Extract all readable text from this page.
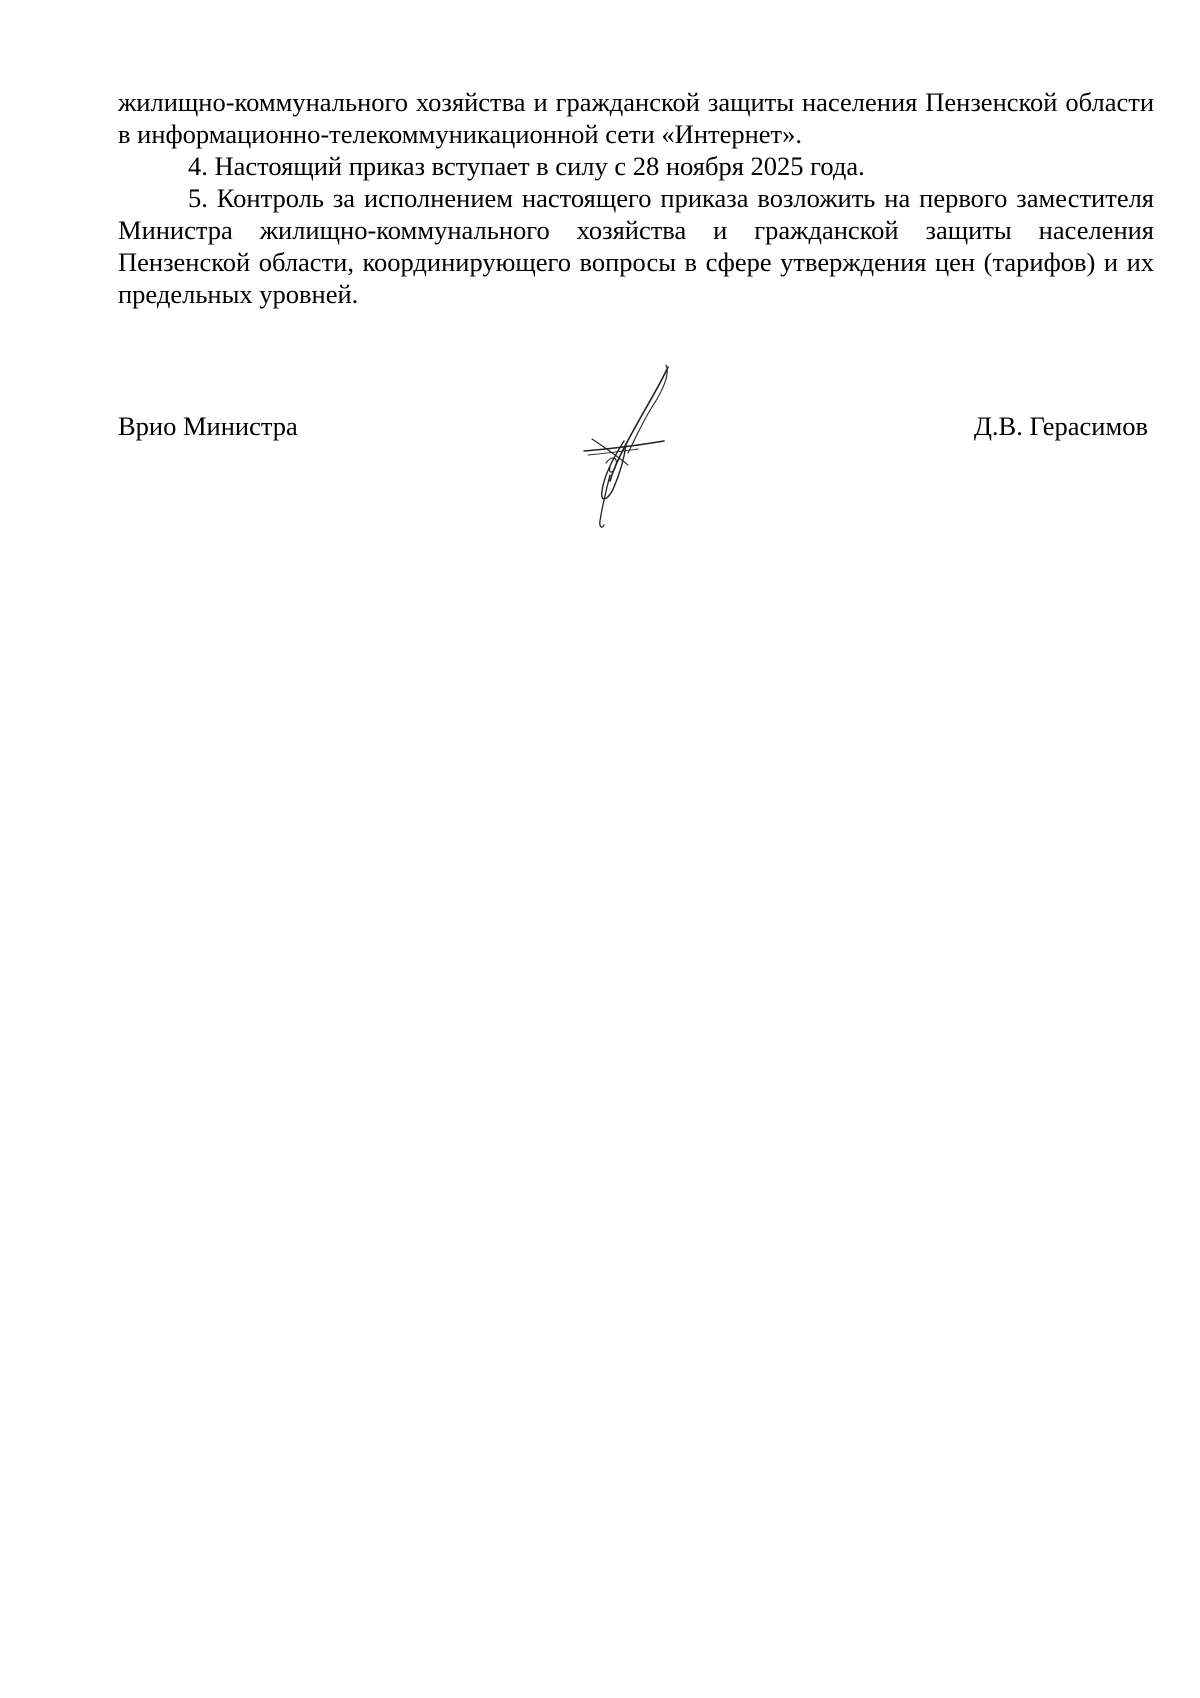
жилищно-коммунального хозяйства и гражданской защиты населения Пензенской области в информационно-телекоммуникационной сети «Интернет».

4. Настоящий приказ вступает в силу с 28 ноября 2025 года.

5. Контроль за исполнением настоящего приказа возложить на первого заместителя Министра жилищно-коммунального хозяйства и гражданской защиты населения Пензенской области, координирующего вопросы в сфере утверждения цен (тарифов) и их предельных уровней.

Врио Министра	Д.В. Герасимов
